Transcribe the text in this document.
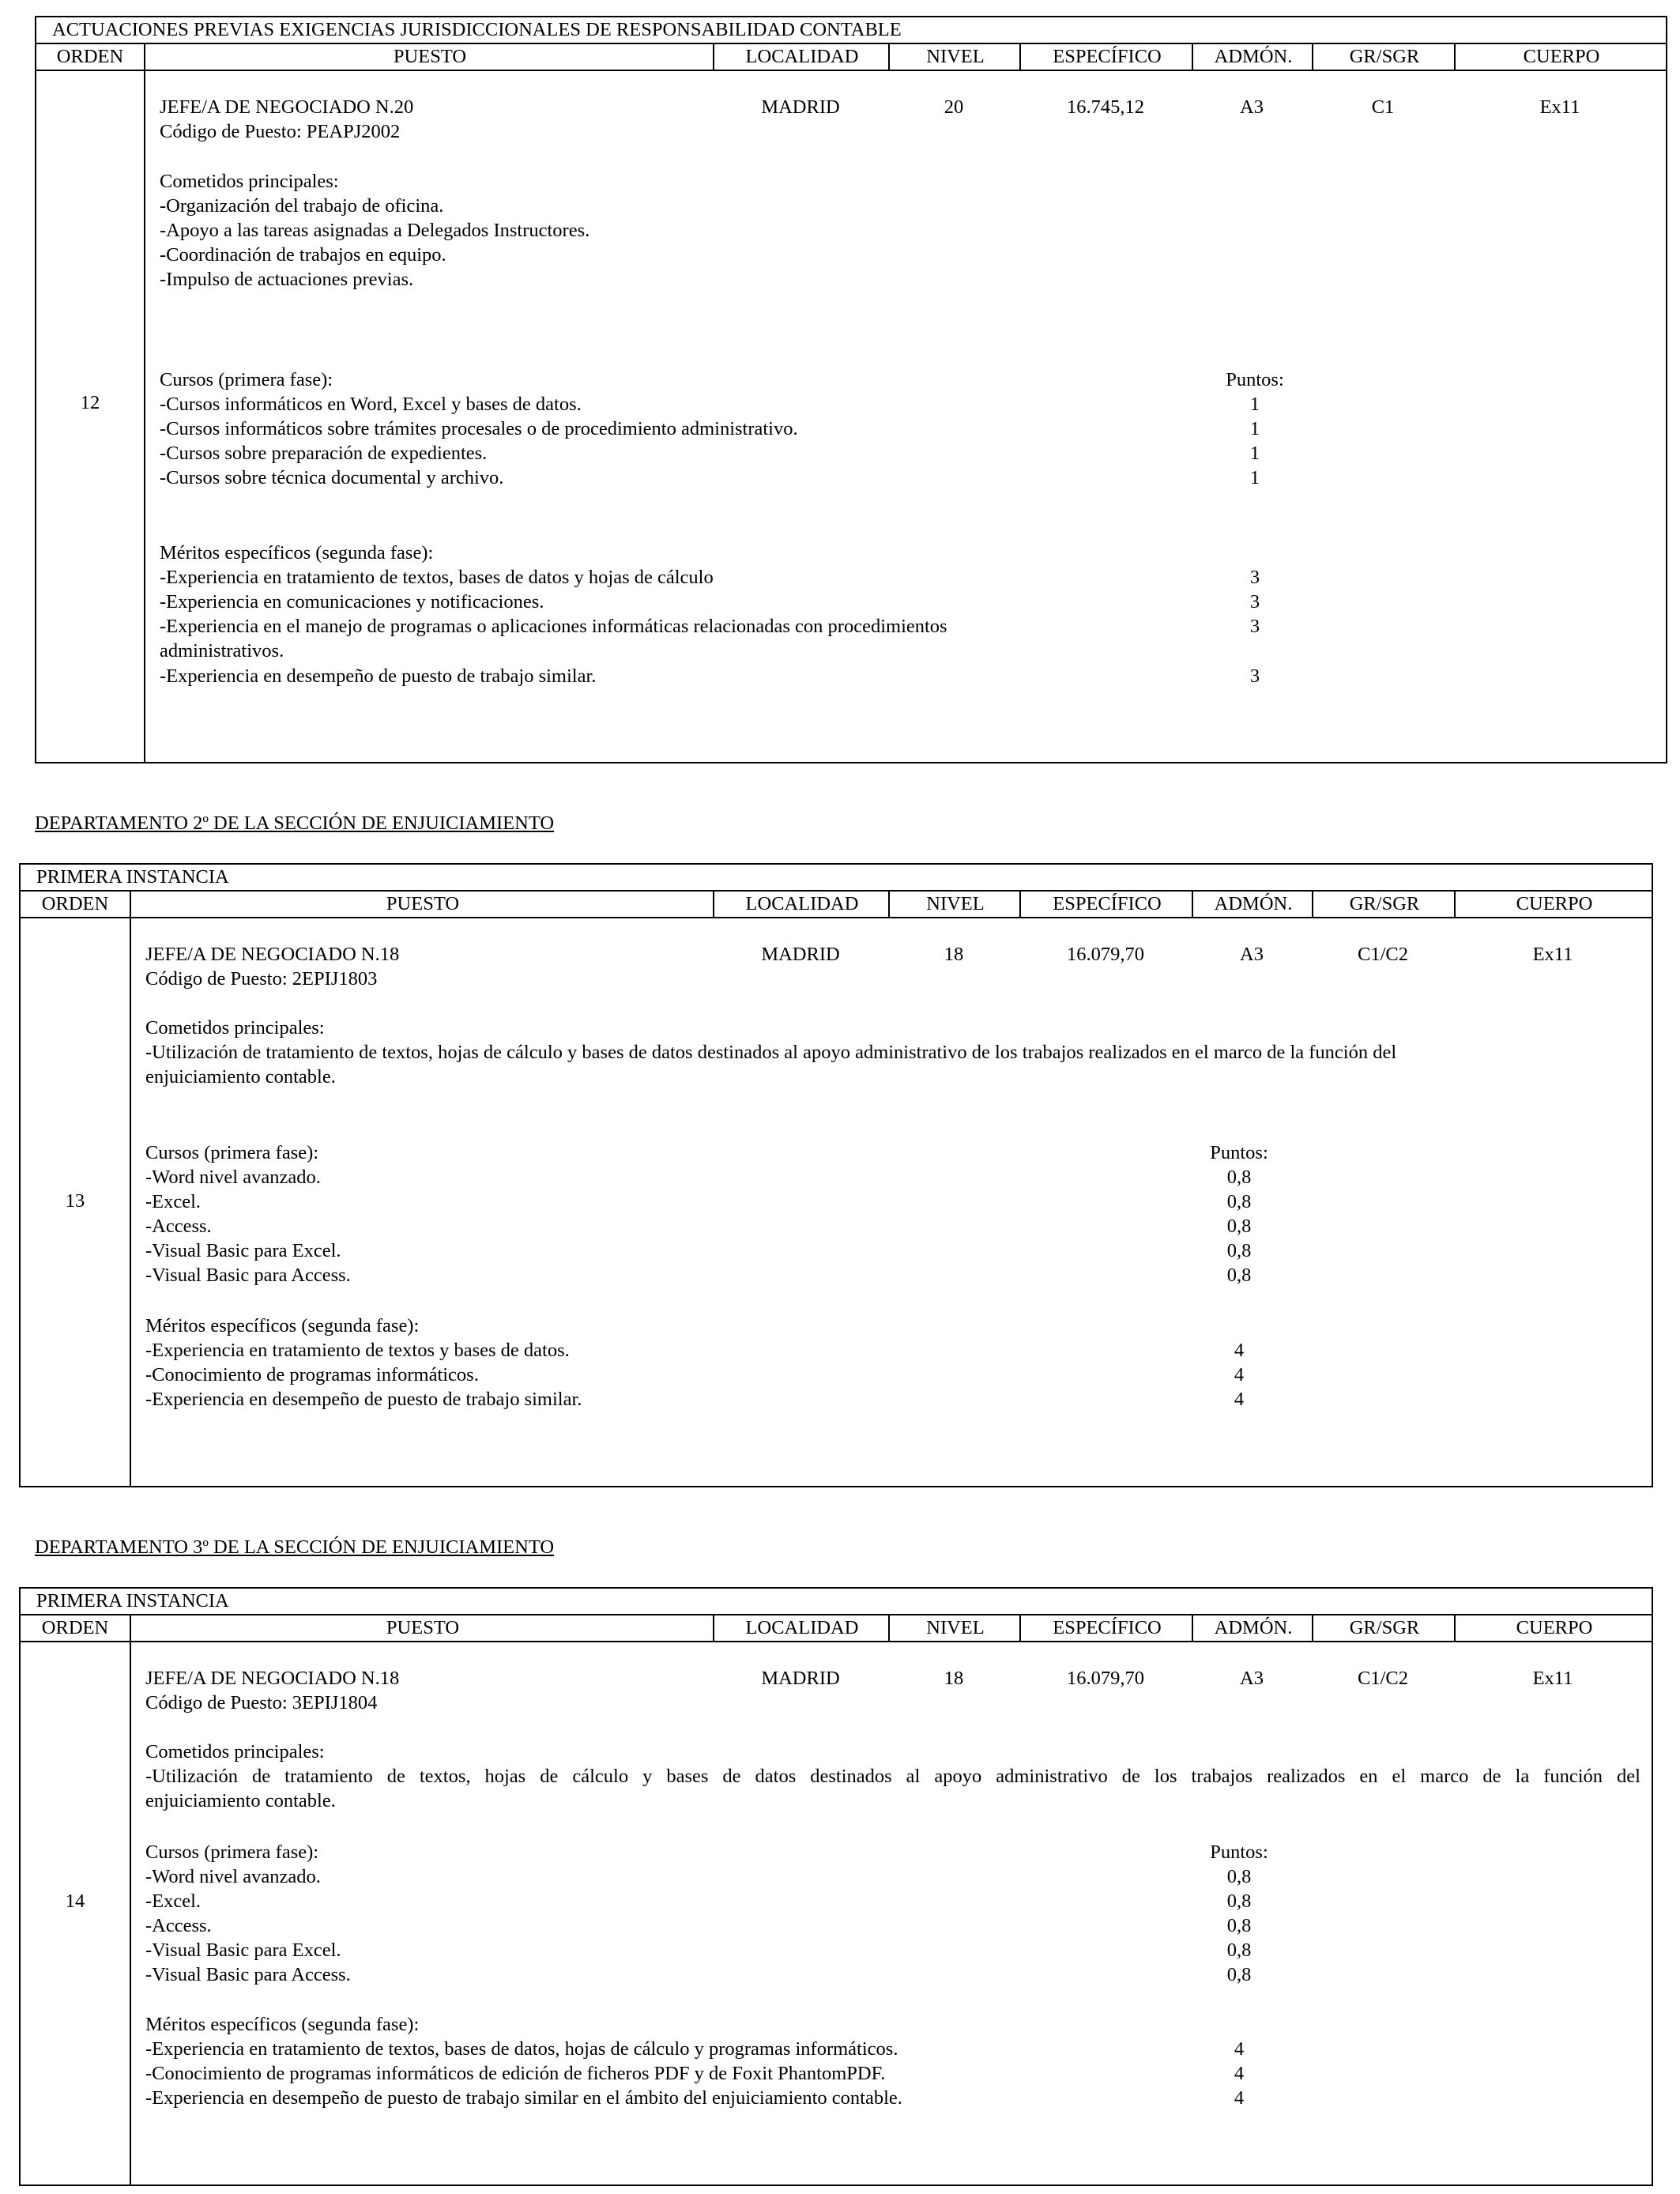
ACTUACIONES PREVIAS EXIGENCIAS JURISDICCIONALES DE RESPONSABILIDAD CONTABLE
ORDEN	PUESTO	LOCALIDAD	NIVEL	ESPECÍFICO	ADMÓN.	GR/SGR	CUERPO
12
JEFE/A DE NEGOCIADO N.20
Código de Puesto: PEAPJ2002
MADRID	20	16.745,12	A3	C1	Ex11
Cometidos principales:
-Organización del trabajo de oficina.
-Apoyo a las tareas asignadas a Delegados Instructores.
-Coordinación de trabajos en equipo.
-Impulso de actuaciones previas.
Cursos (primera fase):	Puntos:
-Cursos informáticos en Word, Excel y bases de datos.	1
-Cursos informáticos sobre trámites procesales o de procedimiento administrativo.	1
-Cursos sobre preparación de expedientes.	1
-Cursos sobre técnica documental y archivo.	1
Méritos específicos (segunda fase):
-Experiencia en tratamiento de textos, bases de datos y hojas de cálculo	3
-Experiencia en comunicaciones y notificaciones.	3
-Experiencia en el manejo de programas o aplicaciones informáticas relacionadas con procedimientos	3
administrativos.
-Experiencia en desempeño de puesto de trabajo similar.	3
DEPARTAMENTO 2º DE LA SECCIÓN DE ENJUICIAMIENTO
PRIMERA INSTANCIA
ORDEN	PUESTO	LOCALIDAD	NIVEL	ESPECÍFICO	ADMÓN.	GR/SGR	CUERPO
13
JEFE/A DE NEGOCIADO N.18
Código de Puesto: 2EPIJ1803
MADRID	18	16.079,70	A3	C1/C2	Ex11
Cometidos principales:
-Utilización de tratamiento de textos, hojas de cálculo y bases de datos destinados al apoyo administrativo de los trabajos realizados en el marco de la función del
enjuiciamiento contable.
Cursos (primera fase):	Puntos:
-Word nivel avanzado.	0,8
-Excel.	0,8
-Access.	0,8
-Visual Basic para Excel.	0,8
-Visual Basic para Access.	0,8
Méritos específicos (segunda fase):
-Experiencia en tratamiento de textos y bases de datos.	4
-Conocimiento de programas informáticos.	4
-Experiencia en desempeño de puesto de trabajo similar.	4
DEPARTAMENTO 3º DE LA SECCIÓN DE ENJUICIAMIENTO
PRIMERA INSTANCIA
ORDEN	PUESTO	LOCALIDAD	NIVEL	ESPECÍFICO	ADMÓN.	GR/SGR	CUERPO
14
JEFE/A DE NEGOCIADO N.18
Código de Puesto: 3EPIJ1804
MADRID	18	16.079,70	A3	C1/C2	Ex11
Cometidos principales:
-Utilización de tratamiento de textos, hojas de cálculo y bases de datos destinados al apoyo administrativo de los trabajos realizados en el marco de la función del
enjuiciamiento contable.
Cursos (primera fase):	Puntos:
-Word nivel avanzado.	0,8
-Excel.	0,8
-Access.	0,8
-Visual Basic para Excel.	0,8
-Visual Basic para Access.	0,8
Méritos específicos (segunda fase):
-Experiencia en tratamiento de textos, bases de datos, hojas de cálculo y programas informáticos.	4
-Conocimiento de programas informáticos de edición de ficheros PDF y de Foxit PhantomPDF.	4
-Experiencia en desempeño de puesto de trabajo similar en el ámbito del enjuiciamiento contable.	4
